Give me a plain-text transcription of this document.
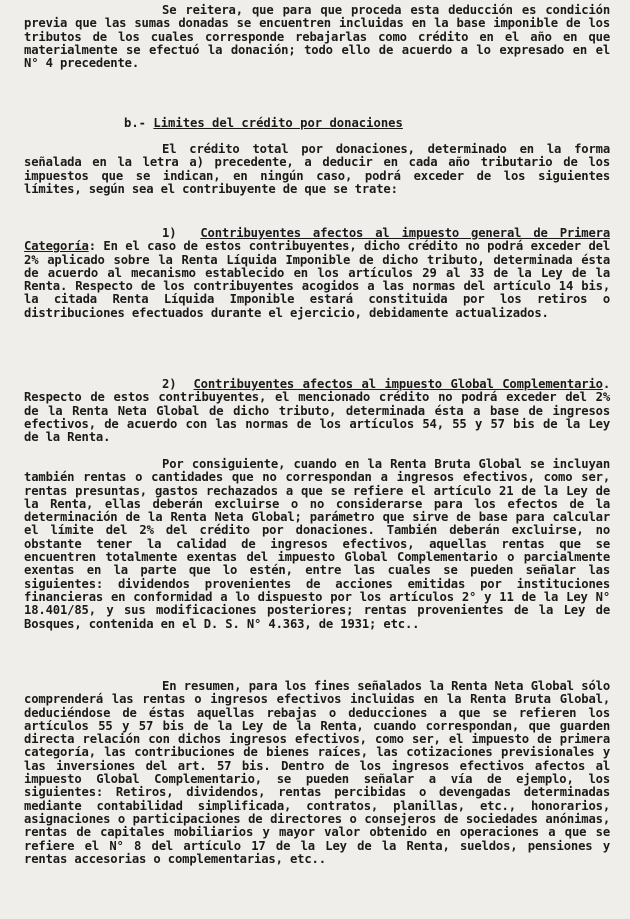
Se reitera, que para que proceda esta deducción es condición previa que las sumas donadas se encuentren incluidas en la base imponible de los tributos de los cuales corresponde rebajarlas como crédito en el año en que materialmente se efectuó la donación; todo ello de acuerdo a lo expresado en el N° 4 precedente.

b.- Limites del crédito por donaciones

El crédito total por donaciones, determinado en la forma señalada en la letra a) precedente, a deducir en cada año tributario de los impuestos que se indican, en ningún caso, podrá exceder de los siguientes límites, según sea el contribuyente de que se trate:

1) Contribuyentes afectos al impuesto general de Primera Categoría: En el caso de estos contribuyentes, dicho crédito no podrá exceder del 2% aplicado sobre la Renta Líquida Imponible de dicho tributo, determinada ésta de acuerdo al mecanismo establecido en los artículos 29 al 33 de la Ley de la Renta. Respecto de los contribuyentes acogidos a las normas del artículo 14 bis, la citada Renta Líquida Imponible estará constituida por los retiros o distribuciones efectuados durante el ejercicio, debidamente actualizados.

2) Contribuyentes afectos al impuesto Global Complementario. Respecto de estos contribuyentes, el mencionado crédito no podrá exceder del 2% de la Renta Neta Global de dicho tributo, determinada ésta a base de ingresos efectivos, de acuerdo con las normas de los artículos 54, 55 y 57 bis de la Ley de la Renta.

Por consiguiente, cuando en la Renta Bruta Global se incluyan también rentas o cantidades que no correspondan a ingresos efectivos, como ser, rentas presuntas, gastos rechazados a que se refiere el artículo 21 de la Ley de la Renta, ellas deberán excluirse o no considerarse para los efectos de la determinación de la Renta Neta Global; parámetro que sirve de base para calcular el límite del 2% del crédito por donaciones. También deberán excluirse, no obstante tener la calidad de ingresos efectivos, aquellas rentas que se encuentren totalmente exentas del impuesto Global Complementario o parcialmente exentas en la parte que lo estén, entre las cuales se pueden señalar las siguientes: dividendos provenientes de acciones emitidas por instituciones financieras en conformidad a lo dispuesto por los artículos 2° y 11 de la Ley N° 18.401/85, y sus modificaciones posteriores; rentas provenientes de la Ley de Bosques, contenida en el D. S. N° 4.363, de 1931; etc..

En resumen, para los fines señalados la Renta Neta Global sólo comprenderá las rentas o ingresos efectivos incluidas en la Renta Bruta Global, deduciéndose de éstas aquellas rebajas o deducciones a que se refieren los artículos 55 y 57 bis de la Ley de la Renta, cuando correspondan, que guarden directa relación con dichos ingresos efectivos, como ser, el impuesto de primera categoría, las contribuciones de bienes raíces, las cotizaciones previsionales y las inversiones del art. 57 bis. Dentro de los ingresos efectivos afectos al impuesto Global Complementario, se pueden señalar a vía de ejemplo, los siguientes: Retiros, dividendos, rentas percibidas o devengadas determinadas mediante contabilidad simplificada, contratos, planillas, etc., honorarios, asignaciones o participaciones de directores o consejeros de sociedades anónimas, rentas de capitales mobiliarios y mayor valor obtenido en operaciones a que se refiere el N° 8 del artículo 17 de la Ley de la Renta, sueldos, pensiones y rentas accesorias o complementarias, etc..
